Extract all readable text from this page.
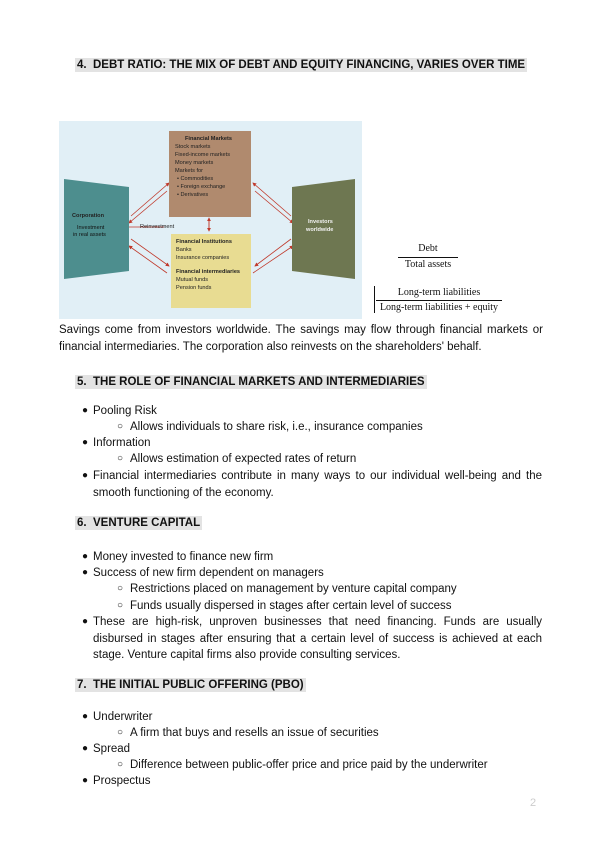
4. DEBT RATIO: THE MIX OF DEBT AND EQUITY FINANCING, VARIES OVER TIME
Financial Markets
Stock markets
Fixed-income markets
Money markets
Markets for
• Commodities
• Foreign exchange
• Derivatives
Corporation
Investment
in real assets
Investors
worldwide
Reinvestment
Financial Institutions
Banks
Insurance companies
Financial intermediaries
Mutual funds
Pension funds
Debt
Total assets
Long-term liabilities
Long-term liabilities + equity
Savings come from investors worldwide. The savings may flow through financial markets or financial intermediaries. The corporation also reinvests on the shareholders' behalf.
5. THE ROLE OF FINANCIAL MARKETS AND INTERMEDIARIES
● Pooling Risk
○ Allows individuals to share risk, i.e., insurance companies
● Information
○ Allows estimation of expected rates of return
● Financial intermediaries contribute in many ways to our individual well-being and the smooth functioning of the economy.
6. VENTURE CAPITAL
● Money invested to finance new firm
● Success of new firm dependent on managers
○ Restrictions placed on management by venture capital company
○ Funds usually dispersed in stages after certain level of success
● These are high-risk, unproven businesses that need financing. Funds are usually disbursed in stages after ensuring that a certain level of success is achieved at each stage. Venture capital firms also provide consulting services.
7. THE INITIAL PUBLIC OFFERING (PBO)
● Underwriter
○ A firm that buys and resells an issue of securities
● Spread
○ Difference between public-offer price and price paid by the underwriter
● Prospectus
2
